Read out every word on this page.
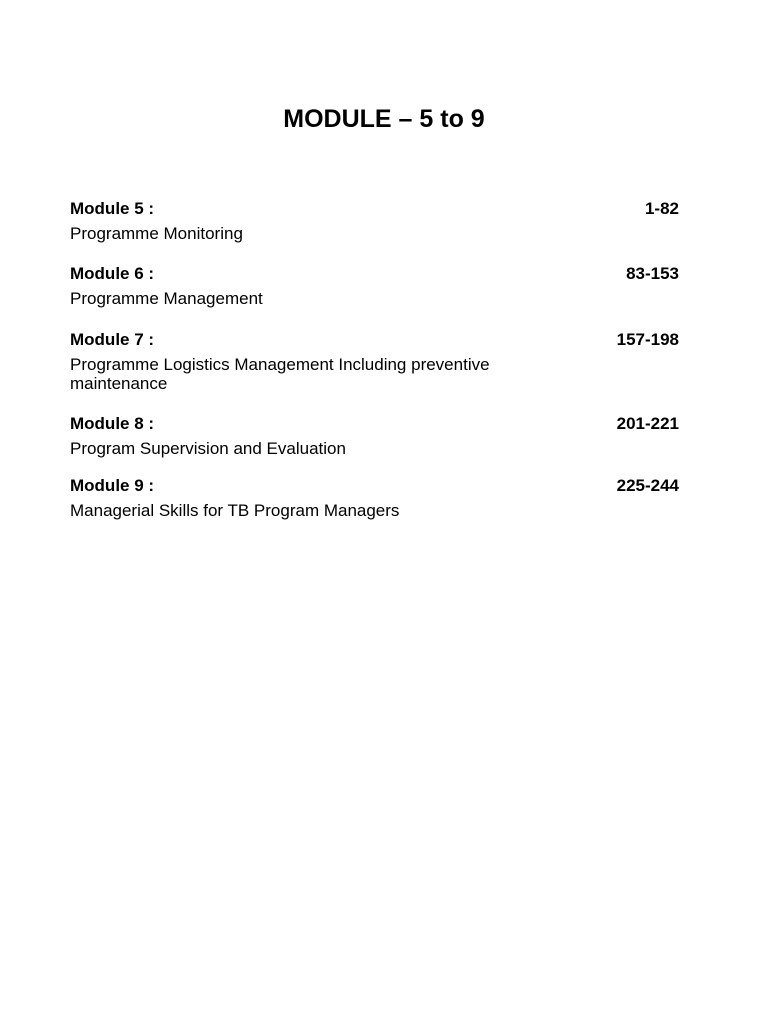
MODULE – 5 to 9
Module 5 :	1-82
Programme Monitoring
Module 6 :	83-153
Programme Management
Module 7 :	157-198
Programme Logistics Management Including preventive maintenance
Module 8 :	201-221
Program Supervision and Evaluation
Module 9 :	225-244
Managerial Skills for TB Program Managers
